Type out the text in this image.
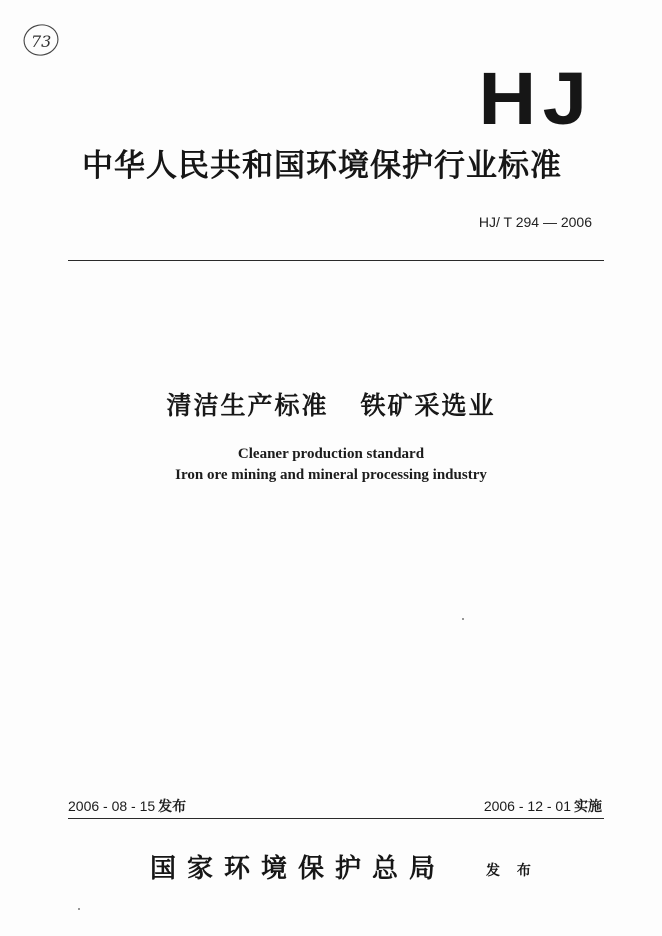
73
HJ
中华人民共和国环境保护行业标准
HJ/ T 294 — 2006
清洁生产标准   铁矿采选业
Cleaner production standard
Iron ore mining and mineral processing industry
2006 - 08 - 15 发布	2006 - 12 - 01 实施
国家环境保护总局	发 布
